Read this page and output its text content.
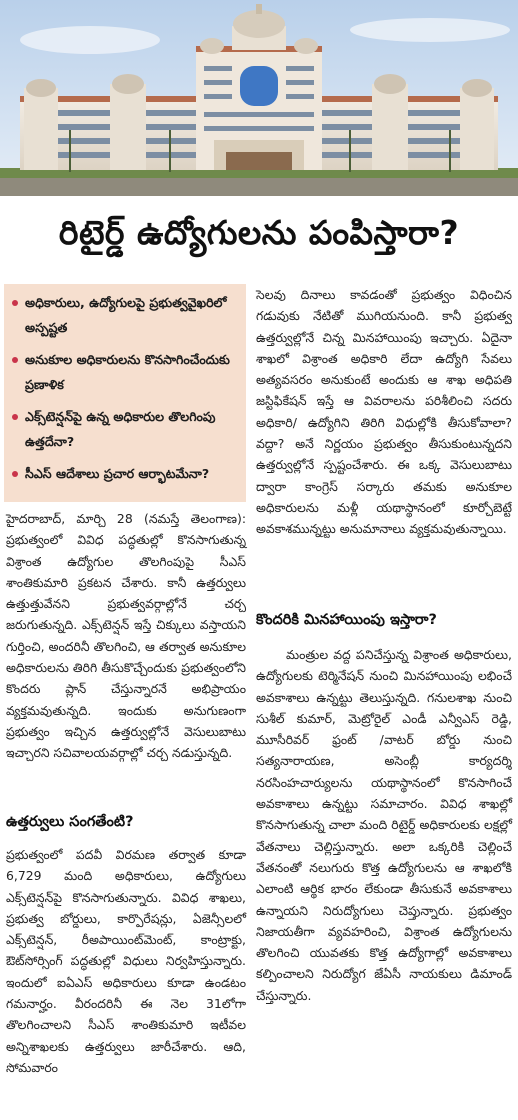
రిటైర్డ్ ఉద్యోగులను పంపిస్తారా?
అధికారులు, ఉద్యోగులపై ప్రభుత్వవైఖరిలో అస్పష్టత
అనుకూల అధికారులను కొనసాగించేందుకు ప్రణాళిక
ఎక్స్‌టెన్షన్‌పై ఉన్న అధికారుల తొలగింపు ఉత్తదేనా?
సీఎస్ ఆదేశాలు ప్రచార ఆర్భాటమేనా?

హైదరాబాద్, మార్చి 28 (నమస్తే తెలంగాణ): ప్రభుత్వంలో వివిధ పద్ధతుల్లో కొనసాగుతున్న విశ్రాంత ఉద్యోగుల తొలగింపుపై సీఎస్ శాంతికుమారి ప్రకటన చేశారు. కానీ ఉత్తర్వులు ఉత్తుత్తువేనని ప్రభుత్వవర్గాల్లోనే చర్చ జరుగుతున్నది. ఎక్స్‌టెన్షన్ ఇస్తే చిక్కులు వస్తాయని గుర్తించి, అందరినీ తొలగించి, ఆ తర్వాత అనుకూల అధికారులను తిరిగి తీసుకొచ్చేందుకు ప్రభుత్వంలోని కొందరు ప్లాన్ చేస్తున్నారనే అభిప్రాయం వ్యక్తమవుతున్నది. ఇందుకు అనుగుణంగా ప్రభుత్వం ఇచ్చిన ఉత్తర్వుల్లోనే వెసులుబాటు ఇచ్చారని సచివాలయవర్గాల్లో చర్చ నడుస్తున్నది.

ఉత్తర్వులు సంగతేంటి?

ప్రభుత్వంలో పదవీ విరమణ తర్వాత కూడా 6,729 మంది అధికారులు, ఉద్యోగులు ఎక్స్‌టెన్షన్‌పై కొనసాగుతున్నారు. వివిధ శాఖలు, ప్రభుత్వ బోర్డులు, కార్పొరేషన్లు, ఏజెన్సీలలో ఎక్స్‌టెన్షన్, రీఅపాయింట్‌మెంట్, కాంట్రాక్టు, ఔట్‌సోర్సింగ్ పద్ధతుల్లో విధులు నిర్వహిస్తున్నారు. ఇందులో ఐఏఎస్ అధికారులు కూడా ఉండటం గమనార్హం. వీరందరినీ ఈ నెల 31లోగా తొలగించాలని సీఎస్ శాంతికుమారి ఇటీవల అన్నిశాఖలకు ఉత్తర్వులు జారీచేశారు. ఆది, సోమవారం

సెలవు దినాలు కావడంతో ప్రభుత్వం విధించిన గడువుకు నేటితో ముగియనుంది. కానీ ప్రభుత్వ ఉత్తర్వుల్లోనే చిన్న మినహాయింపు ఇచ్చారు. ఏదైనా శాఖలో విశ్రాంత అధికారి లేదా ఉద్యోగి సేవలు అత్యవసరం అనుకుంటే అందుకు ఆ శాఖ అధిపతి జస్టిఫికేషన్ ఇస్తే ఆ వివరాలను పరిశీలించి సదరు అధికారి/ ఉద్యోగిని తిరిగి విధుల్లోకి తీసుకోవాలా? వద్దా? అనే నిర్ణయం ప్రభుత్వం తీసుకుంటున్నదని ఉత్తర్వుల్లోనే స్పష్టంచేశారు. ఈ ఒక్క వెసులుబాటు ద్వారా కాంగ్రెస్ సర్కారు తమకు అనుకూల అధికారులను మళ్లీ యథాస్థానంలో కూర్చోబెట్టే అవకాశమున్నట్టు అనుమానాలు వ్యక్తమవుతున్నాయి.

కొందరికి మినహాయింపు ఇస్తారా?

మంత్రుల వద్ద పనిచేస్తున్న విశ్రాంత అధికారులు, ఉద్యోగులకు టెర్మినేషన్ నుంచి మినహాయింపు లభించే అవకాశాలు ఉన్నట్టు తెలుస్తున్నది. గనులశాఖ నుంచి సుశీల్ కుమార్, మెట్రోరైల్ ఎండీ ఎన్వీఎస్ రెడ్డి, మూసీరివర్ ఫ్రంట్ /వాటర్ బోర్డు నుంచి సత్యనారాయణ, అసెంబ్లీ కార్యదర్శి నరసింహచార్యులను యథాస్థానంలో కొనసాగించే అవకాశాలు ఉన్నట్టు సమాచారం. వివిధ శాఖల్లో కొనసాగుతున్న చాలా మంది రిటైర్డ్ అధికారులకు లక్షల్లో వేతనాలు చెల్లిస్తున్నారు. అలా ఒక్కరికి చెల్లించే వేతనంతో నలుగురు కొత్త ఉద్యోగులను ఆ శాఖలోకి ఎలాంటి ఆర్థిక భారం లేకుండా తీసుకునే అవకాశాలు ఉన్నాయని నిరుద్యోగులు చెప్తున్నారు. ప్రభుత్వం నిజాయతీగా వ్యవహరించి, విశ్రాంత ఉద్యోగులను తొలగించి యువతకు కొత్త ఉద్యోగాల్లో అవకాశాలు కల్పించాలని నిరుద్యోగ జేఏసీ నాయకులు డిమాండ్ చేస్తున్నారు.
